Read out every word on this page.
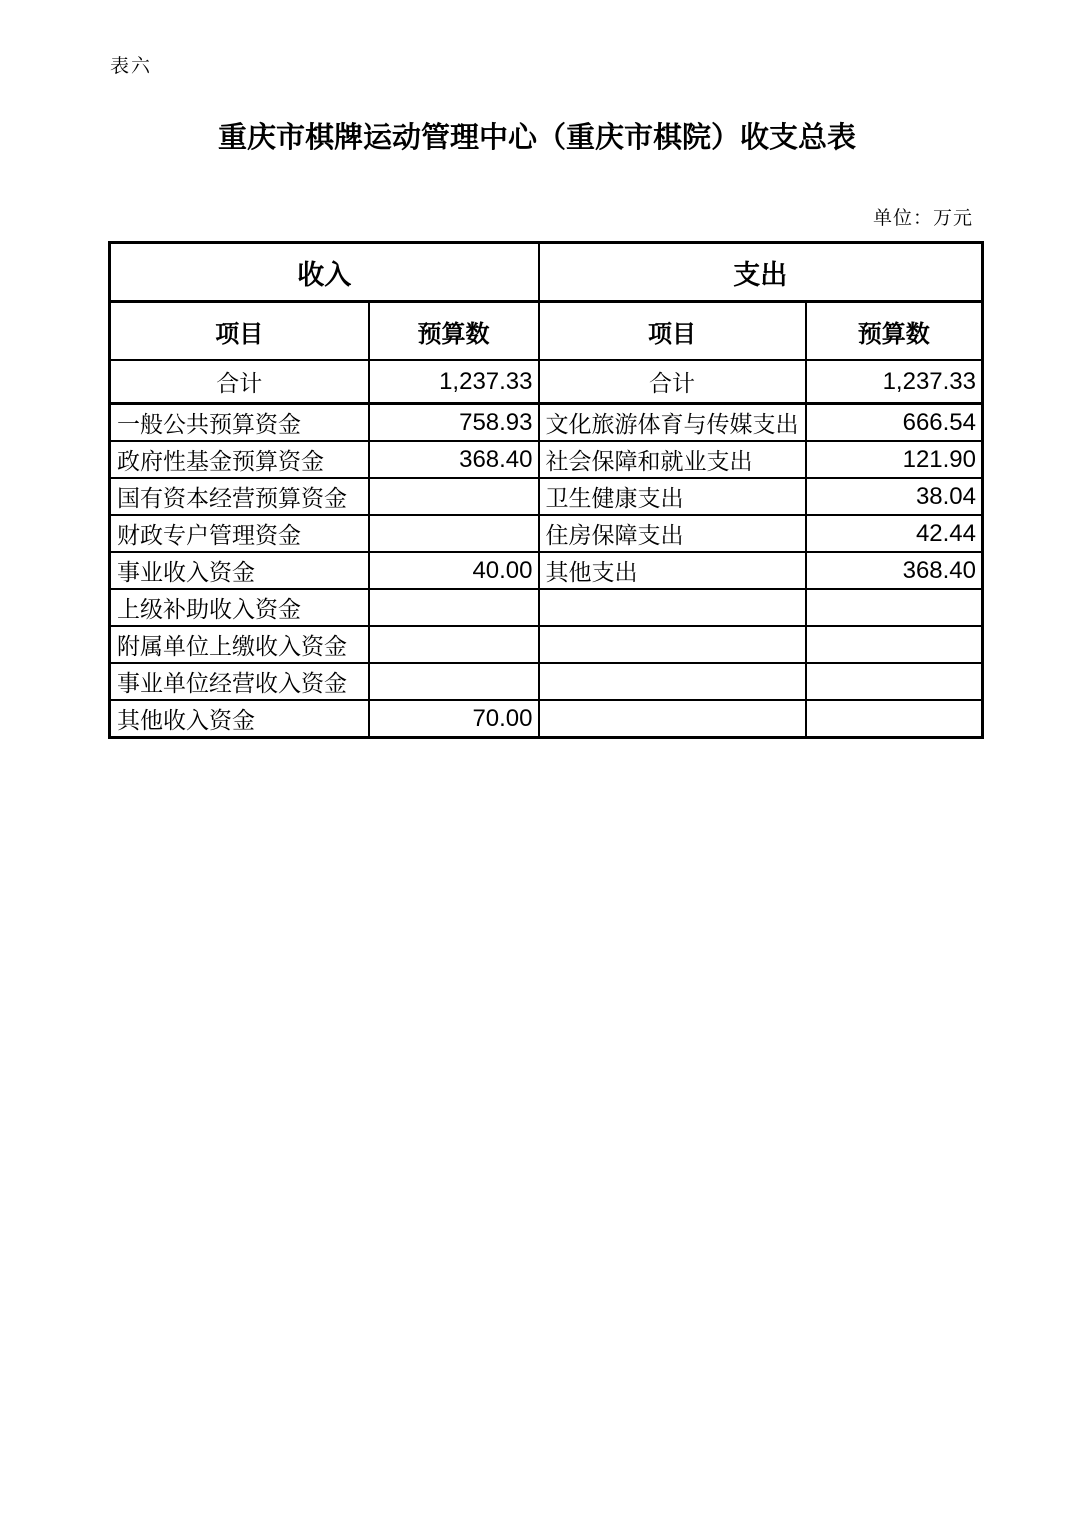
表六
重庆市棋牌运动管理中心（重庆市棋院）收支总表
单位：万元
收入		支出	
项目	预算数	项目	预算数
合计	1,237.33	合计	1,237.33
一般公共预算资金	758.93	文化旅游体育与传媒支出	666.54
政府性基金预算资金	368.40	社会保障和就业支出	121.90
国有资本经营预算资金		卫生健康支出	38.04
财政专户管理资金		住房保障支出	42.44
事业收入资金	40.00	其他支出	368.40
上级补助收入资金			
附属单位上缴收入资金			
事业单位经营收入资金			
其他收入资金	70.00		
